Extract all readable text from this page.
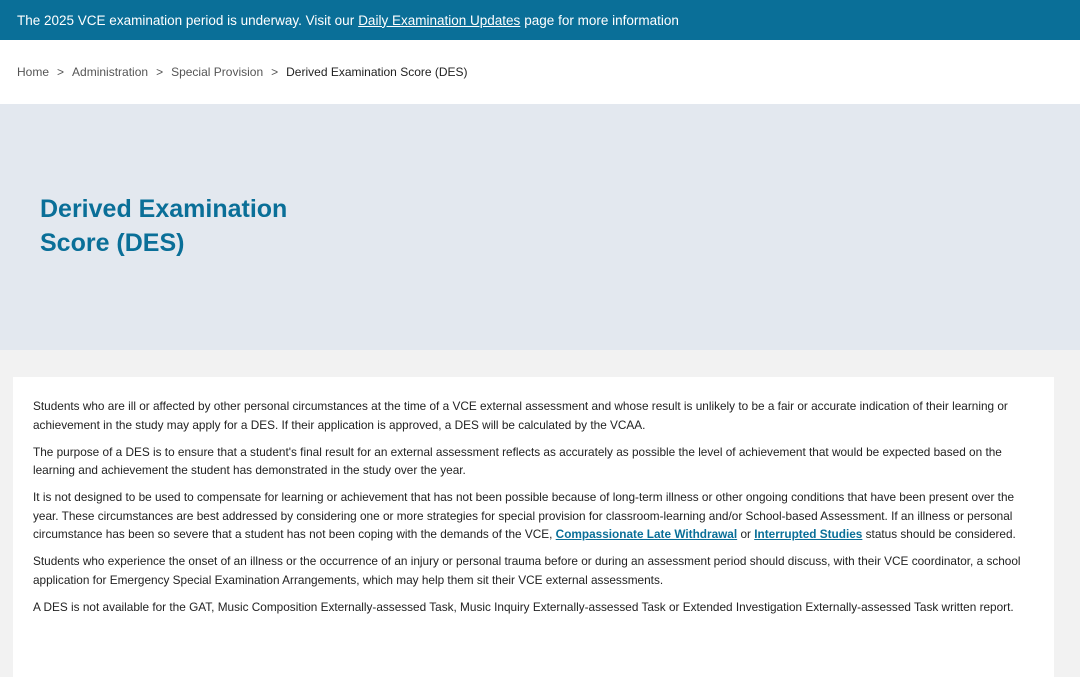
The 2025 VCE examination period is underway. Visit our Daily Examination Updates page for more information
Home > Administration > Special Provision > Derived Examination Score (DES)
Derived Examination Score (DES)

Students who are ill or affected by other personal circumstances at the time of a VCE external assessment and whose result is unlikely to be a fair or accurate indication of their learning or achievement in the study may apply for a DES. If their application is approved, a DES will be calculated by the VCAA.

The purpose of a DES is to ensure that a student's final result for an external assessment reflects as accurately as possible the level of achievement that would be expected based on the learning and achievement the student has demonstrated in the study over the year.

It is not designed to be used to compensate for learning or achievement that has not been possible because of long-term illness or other ongoing conditions that have been present over the year. These circumstances are best addressed by considering one or more strategies for special provision for classroom-learning and/or School-based Assessment. If an illness or personal circumstance has been so severe that a student has not been coping with the demands of the VCE, Compassionate Late Withdrawal or Interrupted Studies status should be considered.

Students who experience the onset of an illness or the occurrence of an injury or personal trauma before or during an assessment period should discuss, with their VCE coordinator, a school application for Emergency Special Examination Arrangements, which may help them sit their VCE external assessments.

A DES is not available for the GAT, Music Composition Externally-assessed Task, Music Inquiry Externally-assessed Task or Extended Investigation Externally-assessed Task written report.
